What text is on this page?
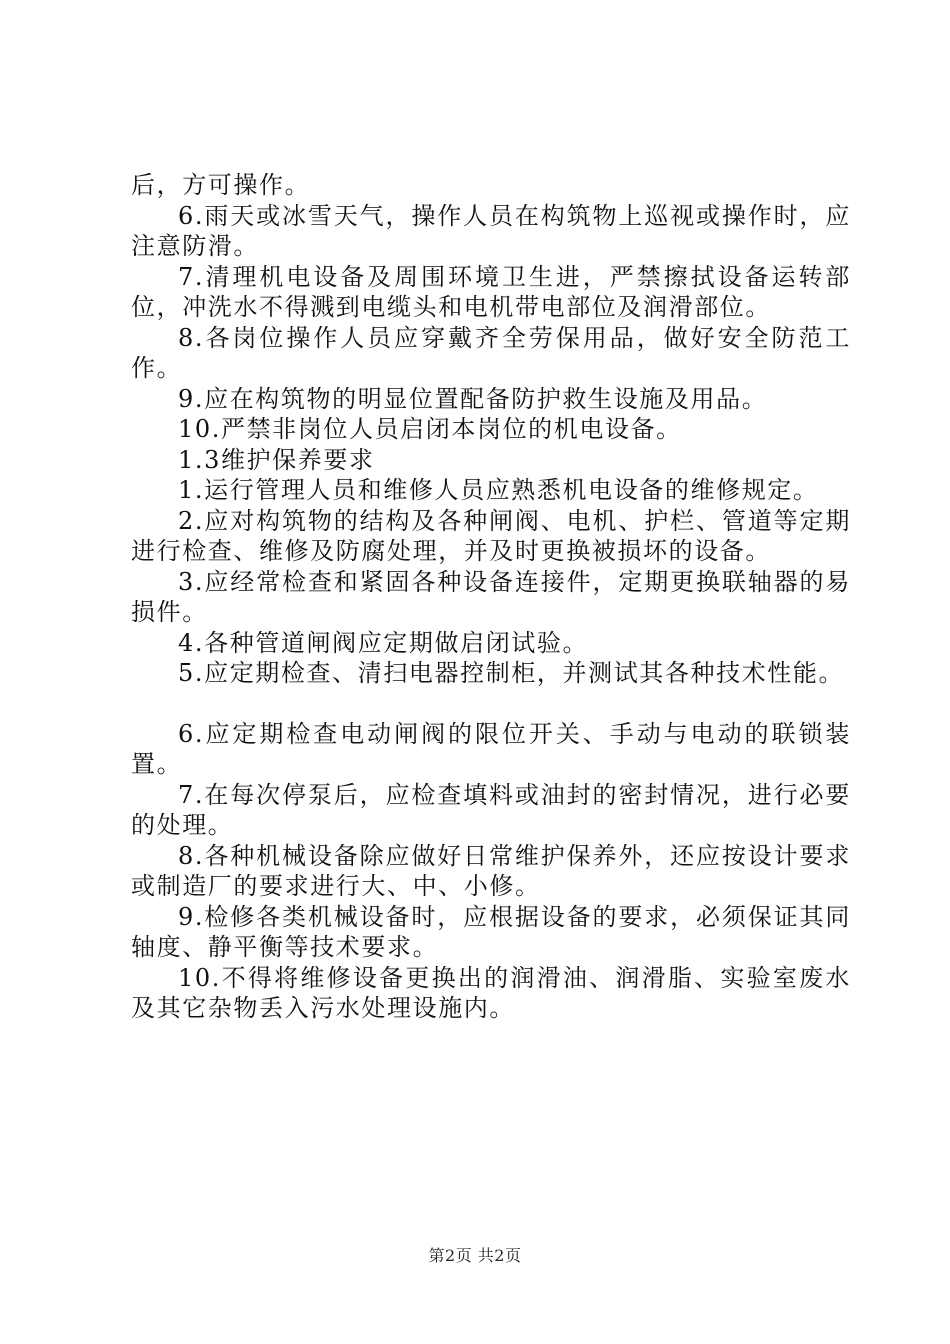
后，方可操作。

6.雨天或冰雪天气，操作人员在构筑物上巡视或操作时，应注意防滑。

7.清理机电设备及周围环境卫生进，严禁擦拭设备运转部位，冲洗水不得溅到电缆头和电机带电部位及润滑部位。

8.各岗位操作人员应穿戴齐全劳保用品，做好安全防范工作。

9.应在构筑物的明显位置配备防护救生设施及用品。

10.严禁非岗位人员启闭本岗位的机电设备。

1.3维护保养要求

1.运行管理人员和维修人员应熟悉机电设备的维修规定。

2.应对构筑物的结构及各种闸阀、电机、护栏、管道等定期进行检查、维修及防腐处理，并及时更换被损坏的设备。

3.应经常检查和紧固各种设备连接件，定期更换联轴器的易损件。

4.各种管道闸阀应定期做启闭试验。

5.应定期检查、清扫电器控制柜，并测试其各种技术性能。

6.应定期检查电动闸阀的限位开关、手动与电动的联锁装置。

7.在每次停泵后，应检查填料或油封的密封情况，进行必要的处理。

8.各种机械设备除应做好日常维护保养外，还应按设计要求或制造厂的要求进行大、中、小修。

9.检修各类机械设备时，应根据设备的要求，必须保证其同轴度、静平衡等技术要求。

10.不得将维修设备更换出的润滑油、润滑脂、实验室废水及其它杂物丢入污水处理设施内。

第2页 共2页
